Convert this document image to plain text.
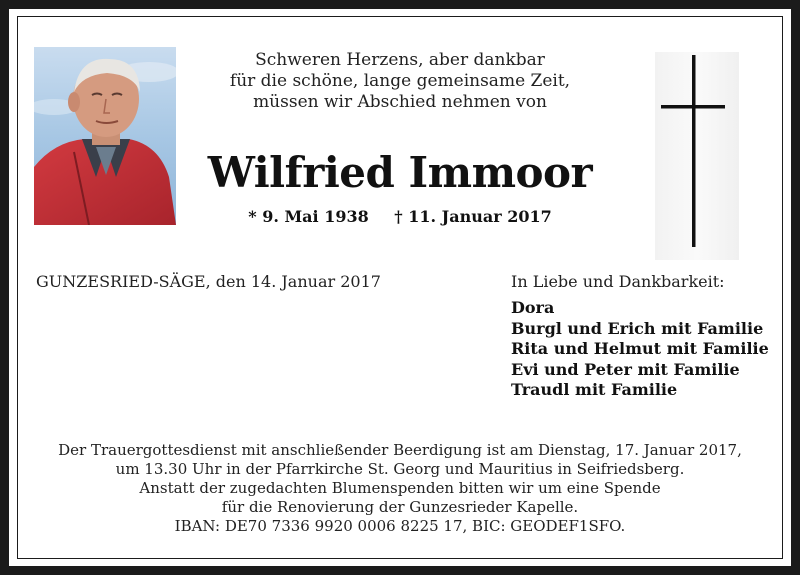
Schweren Herzens, aber dankbar
für die schöne, lange gemeinsame Zeit,
müssen wir Abschied nehmen von
Wilfried Immoor
* 9. Mai 1938 † 11. Januar 2017
GUNZESRIED-SÄGE, den 14. Januar 2017	In Liebe und Dankbarkeit:
Dora
Burgl und Erich mit Familie
Rita und Helmut mit Familie
Evi und Peter mit Familie
Traudl mit Familie
Der Trauergottesdienst mit anschließender Beerdigung ist am Dienstag, 17. Januar 2017,
um 13.30 Uhr in der Pfarrkirche St. Georg und Mauritius in Seifriedsberg.
Anstatt der zugedachten Blumenspenden bitten wir um eine Spende
für die Renovierung der Gunzesrieder Kapelle.
IBAN: DE70 7336 9920 0006 8225 17, BIC: GEODEF1SFO.
